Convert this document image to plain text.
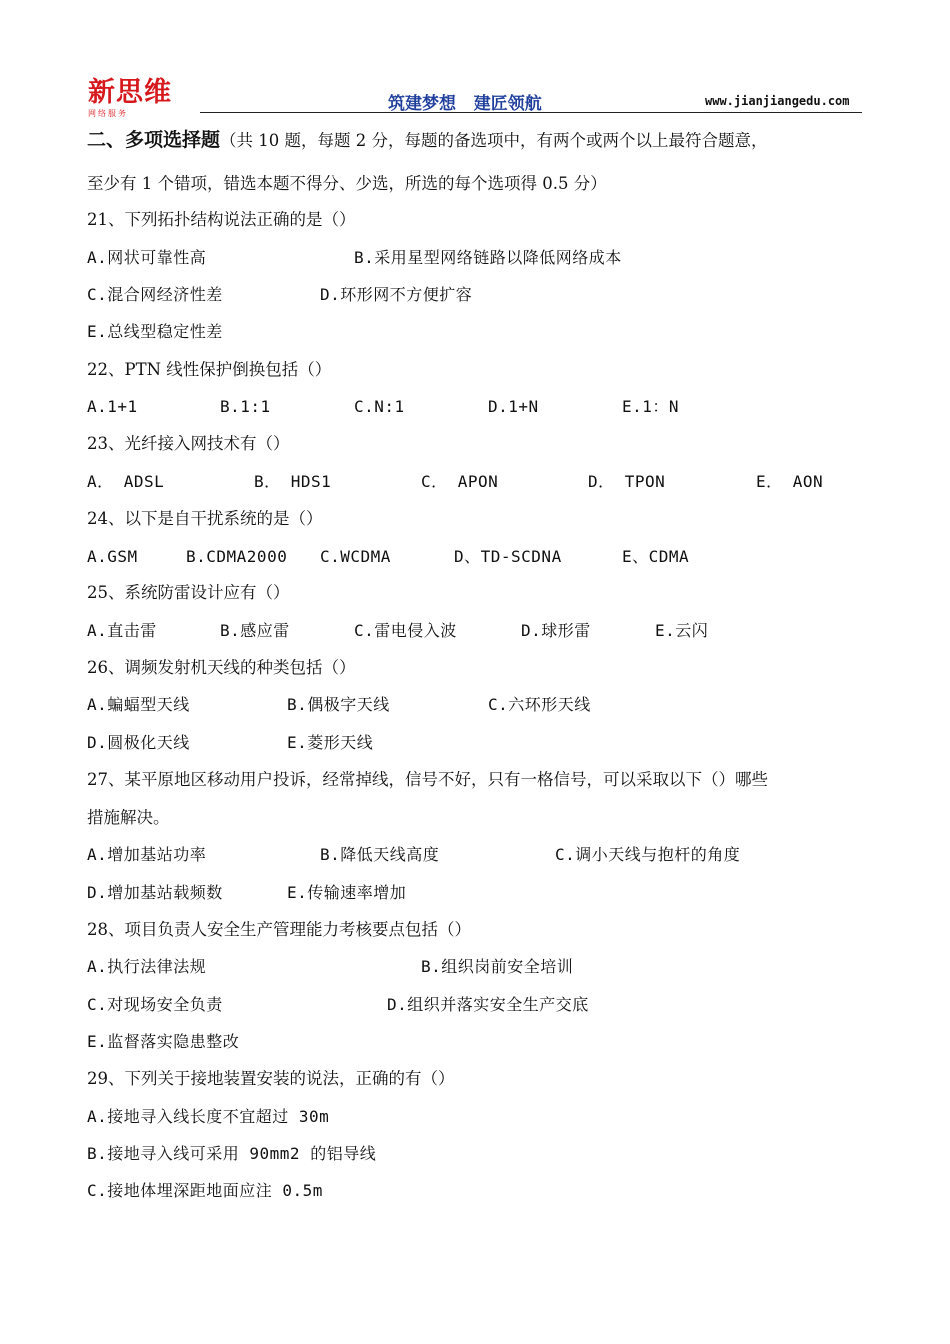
新思维
网络服务	筑建梦想   建匠领航	www.jianjiangedu.com
二、多项选择题（共 10 题，每题 2 分，每题的备选项中，有两个或两个以上最符合题意，
至少有 1 个错项，错选本题不得分、少选，所选的每个选项得 0.5 分）
21、下列拓扑结构说法正确的是（）
A.网状可靠性高	B.采用星型网络链路以降低网络成本
C.混合网经济性差	D.环形网不方便扩容
E.总线型稳定性差
22、PTN 线性保护倒换包括（）
A.1+1	B.1:1	C.N:1	D.1+N	E.1：N
23、光纤接入网技术有（）
A． ADSL	B． HDS1	C． APON	D． TPON	E． AON
24、以下是自干扰系统的是（）
A.GSM	B.CDMA2000 C.WCDMA	D、TD-SCDNA	E、CDMA
25、系统防雷设计应有（）
A.直击雷	B.感应雷	C.雷电侵入波	D.球形雷	E.云闪
26、调频发射机天线的种类包括（）
A.蝙蝠型天线	B.偶极字天线	C.六环形天线
D.圆极化天线	E.菱形天线
27、某平原地区移动用户投诉，经常掉线，信号不好，只有一格信号，可以采取以下（）哪些
措施解决。
A.增加基站功率	B.降低天线高度	C.调小天线与抱杆的角度
D.增加基站载频数	E.传输速率增加
28、项目负责人安全生产管理能力考核要点包括（）
A.执行法律法规	B.组织岗前安全培训
C.对现场安全负责	D.组织并落实安全生产交底
E.监督落实隐患整改
29、下列关于接地装置安装的说法，正确的有（）
A.接地寻入线长度不宜超过 30m
B.接地寻入线可采用 90mm2 的铝导线
C.接地体埋深距地面应注 0.5m
